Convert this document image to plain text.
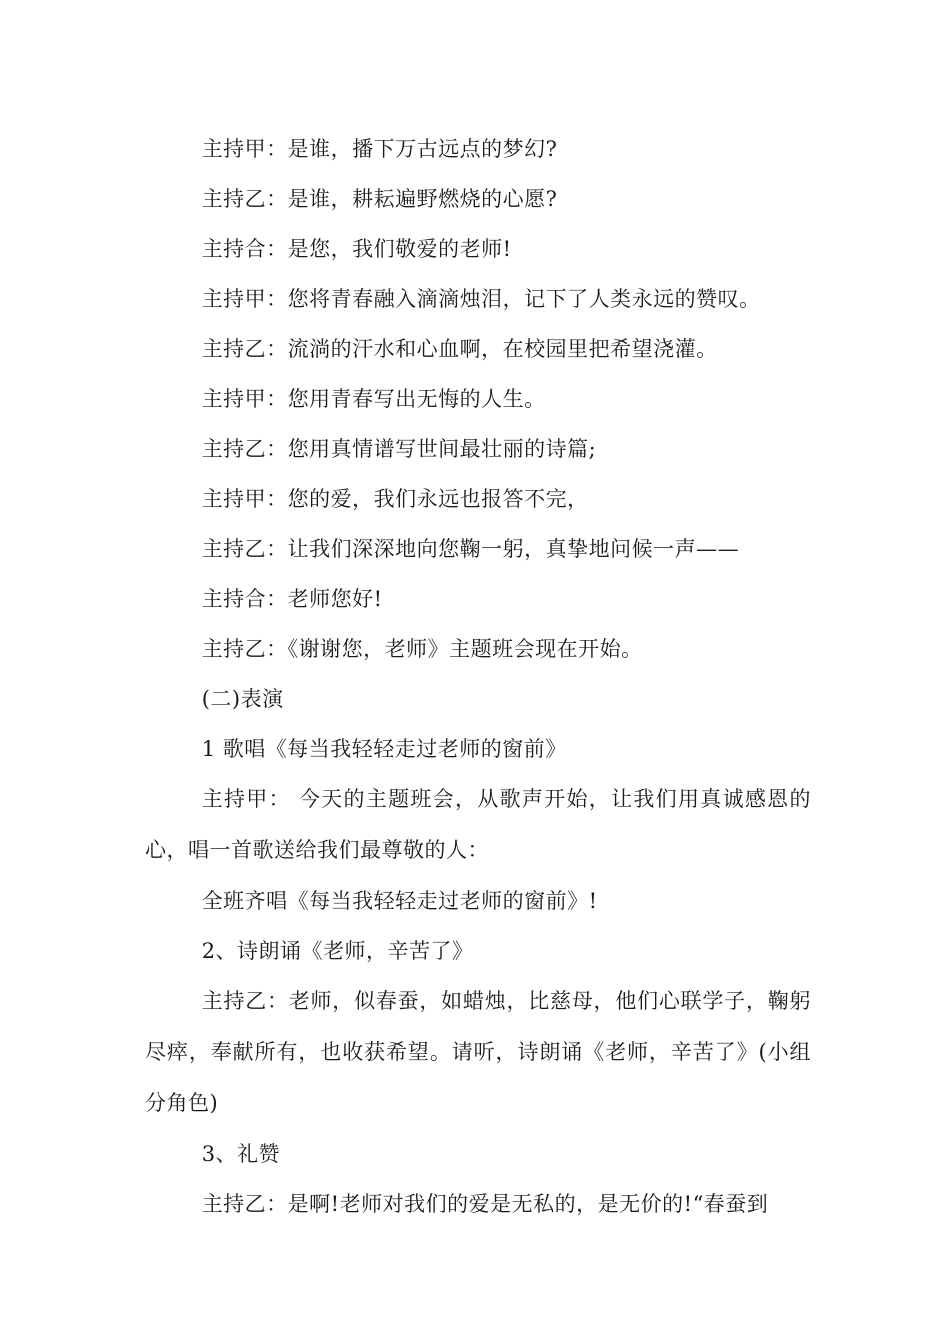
主持甲：是谁，播下万古远点的梦幻?

主持乙：是谁，耕耘遍野燃烧的心愿?

主持合：是您，我们敬爱的老师!

主持甲：您将青春融入滴滴烛泪，记下了人类永远的赞叹。

主持乙：流淌的汗水和心血啊，在校园里把希望浇灌。

主持甲：您用青春写出无悔的人生。

主持乙：您用真情谱写世间最壮丽的诗篇;

主持甲：您的爱，我们永远也报答不完，

主持乙：让我们深深地向您鞠一躬，真挚地问候一声——

主持合：老师您好!

主持乙：《谢谢您，老师》主题班会现在开始。

(二)表演

1 歌唱《每当我轻轻走过老师的窗前》

主持甲： 今天的主题班会，从歌声开始，让我们用真诚感恩的心，唱一首歌送给我们最尊敬的人：

全班齐唱《每当我轻轻走过老师的窗前》!

2、诗朗诵《老师，辛苦了》

主持乙：老师，似春蚕，如蜡烛，比慈母，他们心联学子，鞠躬尽瘁，奉献所有，也收获希望。请听，诗朗诵《老师，辛苦了》(小组分角色)

3、礼赞

主持乙：是啊!老师对我们的爱是无私的，是无价的!“春蚕到
